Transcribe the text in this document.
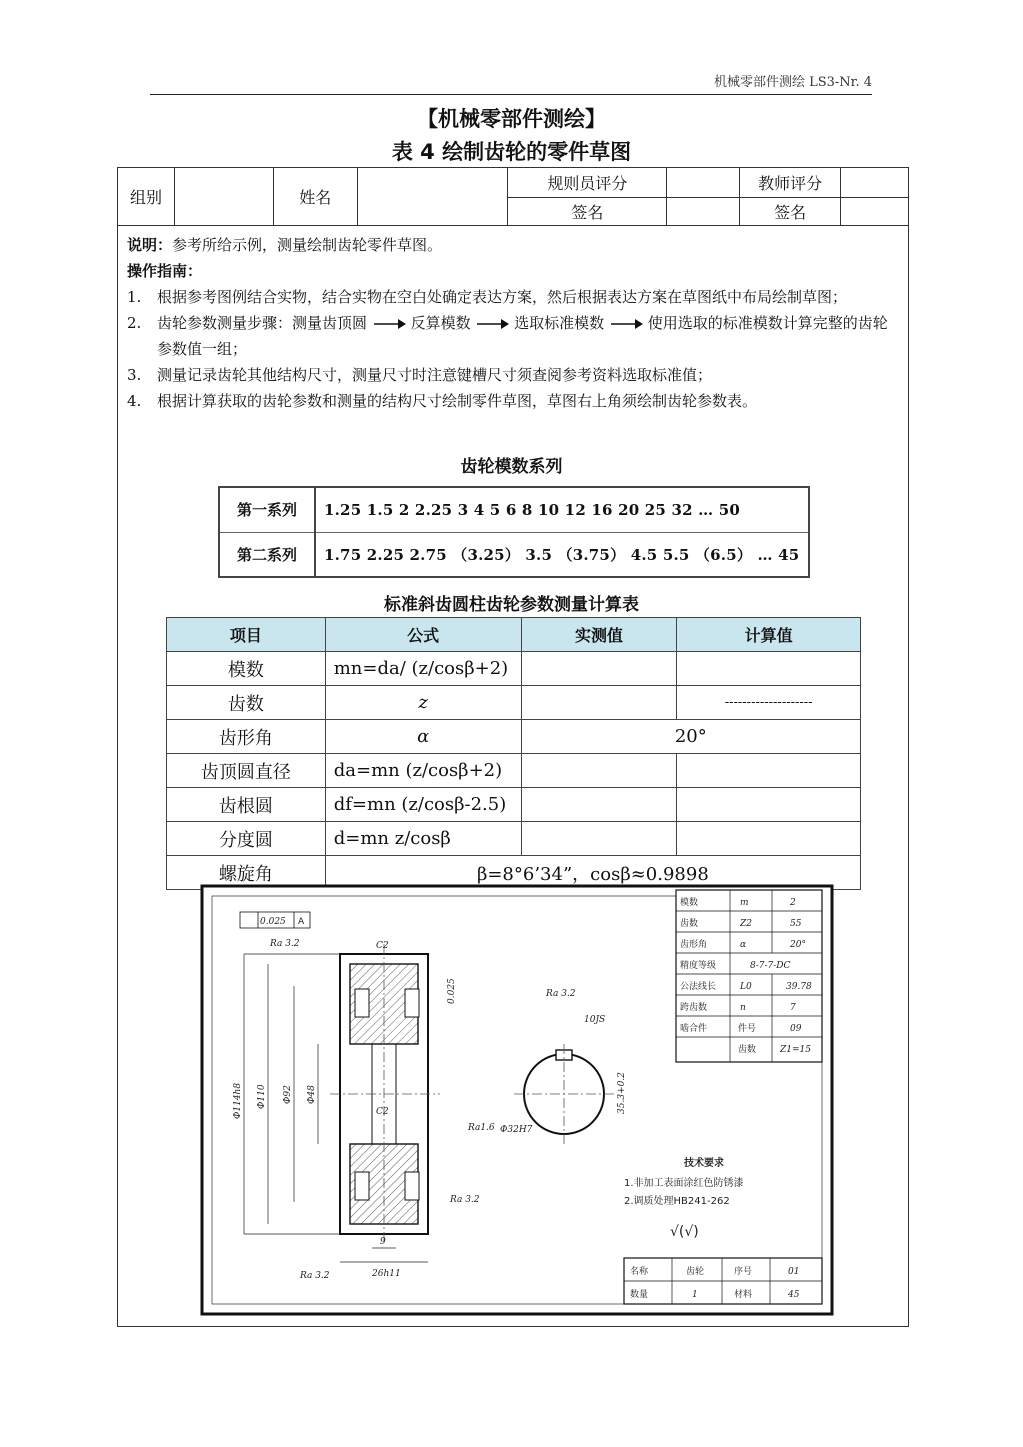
机械零部件测绘 LS3-Nr. 4
【机械零部件测绘】
表 4 绘制齿轮的零件草图
组别		姓名		规则员评分		教师评分	
				签名		签名	
说明：参考所给示例，测量绘制齿轮零件草图。
操作指南：
1. 根据参考图例结合实物，结合实物在空白处确定表达方案，然后根据表达方案在草图纸中布局绘制草图；
2. 齿轮参数测量步骤：测量齿顶圆	反算模数	选取标准模数	使用选取的标准模数计算完整的齿轮参数值一组；
3. 测量记录齿轮其他结构尺寸，测量尺寸时注意键槽尺寸须查阅参考资料选取标准值；
4. 根据计算获取的齿轮参数和测量的结构尺寸绘制零件草图，草图右上角须绘制齿轮参数表。
齿轮模数系列
第一系列	1.25 1.5 2 2.25 3 4 5 6 8 10 12 16 20 25 32 … 50
第二系列	1.75 2.25 2.75 （3.25） 3.5 （3.75） 4.5 5.5 （6.5） … 45
标准斜齿圆柱齿轮参数测量计算表
项目	公式	实测值	计算值
模数	mn=da/ (z/cosβ+2)		
齿数	z		--------------------
齿形角	α	20°	
齿顶圆直径	da=mn (z/cosβ+2)		
齿根圆	df=mn (z/cosβ-2.5)		
分度圆	d=mn z/cosβ		
螺旋角	β=8°6’34”，cosβ≈0.9898		
Φ114h8 Φ110 Φ92 Φ48
26h11
9
C2
C2
0.025 A
Ra 3.2
0.025
Ra1.6 Φ32H7
Ra 3.2
Ra 3.2
10JS
35.3+0.2
Ra 3.2
模数	m	2
齿数	Z2	55
齿形角	α	20°
精度等级	8-7-7-DC
公法线长	L0	39.78
跨齿数	n	7
啮合件	件号	09
齿数	Z1=15
技术要求
1.非加工表面涂红色防锈漆
2.调质处理HB241-262
√(√)
名称	齿轮	序号	01
数量	1	材料	45
